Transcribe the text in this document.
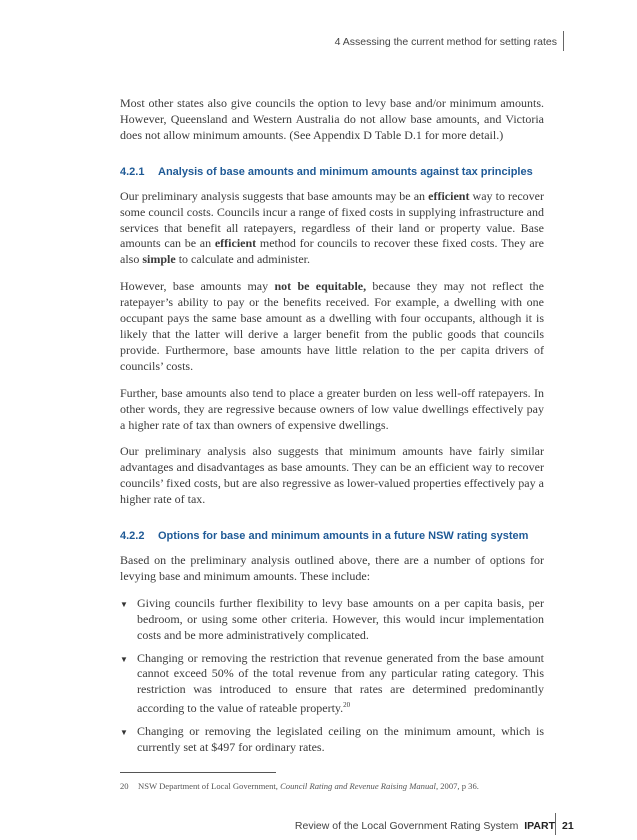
4 Assessing the current method for setting rates

Most other states also give councils the option to levy base and/or minimum amounts. However, Queensland and Western Australia do not allow base amounts, and Victoria does not allow minimum amounts. (See Appendix D Table D.1 for more detail.)

4.2.1 Analysis of base amounts and minimum amounts against tax principles

Our preliminary analysis suggests that base amounts may be an efficient way to recover some council costs. Councils incur a range of fixed costs in supplying infrastructure and services that benefit all ratepayers, regardless of their land or property value. Base amounts can be an efficient method for councils to recover these fixed costs. They are also simple to calculate and administer.

However, base amounts may not be equitable, because they may not reflect the ratepayer’s ability to pay or the benefits received. For example, a dwelling with one occupant pays the same base amount as a dwelling with four occupants, although it is likely that the latter will derive a larger benefit from the public goods that councils provide. Furthermore, base amounts have little relation to the per capita drivers of councils’ costs.

Further, base amounts also tend to place a greater burden on less well-off ratepayers. In other words, they are regressive because owners of low value dwellings effectively pay a higher rate of tax than owners of expensive dwellings.

Our preliminary analysis also suggests that minimum amounts have fairly similar advantages and disadvantages as base amounts. They can be an efficient way to recover councils’ fixed costs, but are also regressive as lower-valued properties effectively pay a higher rate of tax.

4.2.2 Options for base and minimum amounts in a future NSW rating system

Based on the preliminary analysis outlined above, there are a number of options for levying base and minimum amounts. These include:

▼ Giving councils further flexibility to levy base amounts on a per capita basis, per bedroom, or using some other criteria. However, this would incur implementation costs and be more administratively complicated.
▼ Changing or removing the restriction that revenue generated from the base amount cannot exceed 50% of the total revenue from any particular rating category. This restriction was introduced to ensure that rates are determined predominantly according to the value of rateable property.$^{20}$
▼ Changing or removing the legislated ceiling on the minimum amount, which is currently set at $497 for ordinary rates.
20 NSW Department of Local Government, Council Rating and Revenue Raising Manual, 2007, p 36.
Review of the Local Government Rating System IPART 21
